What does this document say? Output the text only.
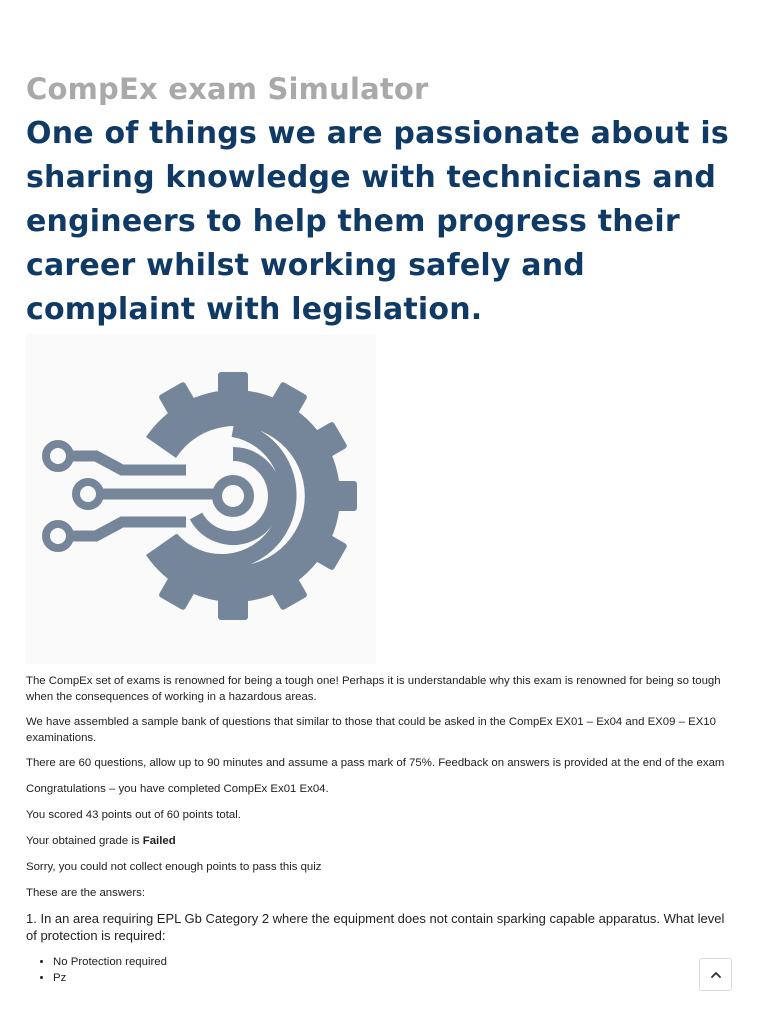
CompEx exam Simulator
One of things we are passionate about is sharing knowledge with technicians and engineers to help them progress their career whilst working safely and complaint with legislation.

The CompEx set of exams is renowned for being a tough one! Perhaps it is understandable why this exam is renowned for being so tough when the consequences of working in a hazardous areas.

We have assembled a sample bank of questions that similar to those that could be asked in the CompEx EX01 – Ex04 and EX09 – EX10 examinations.

There are 60 questions, allow up to 90 minutes and assume a pass mark of 75%. Feedback on answers is provided at the end of the exam

Congratulations – you have completed CompEx Ex01 Ex04.

You scored 43 points out of 60 points total.

Your obtained grade is Failed

Sorry, you could not collect enough points to pass this quiz

These are the answers:

1. In an area requiring EPL Gb Category 2 where the equipment does not contain sparking capable apparatus. What level of protection is required:

• No Protection required
• Pz
